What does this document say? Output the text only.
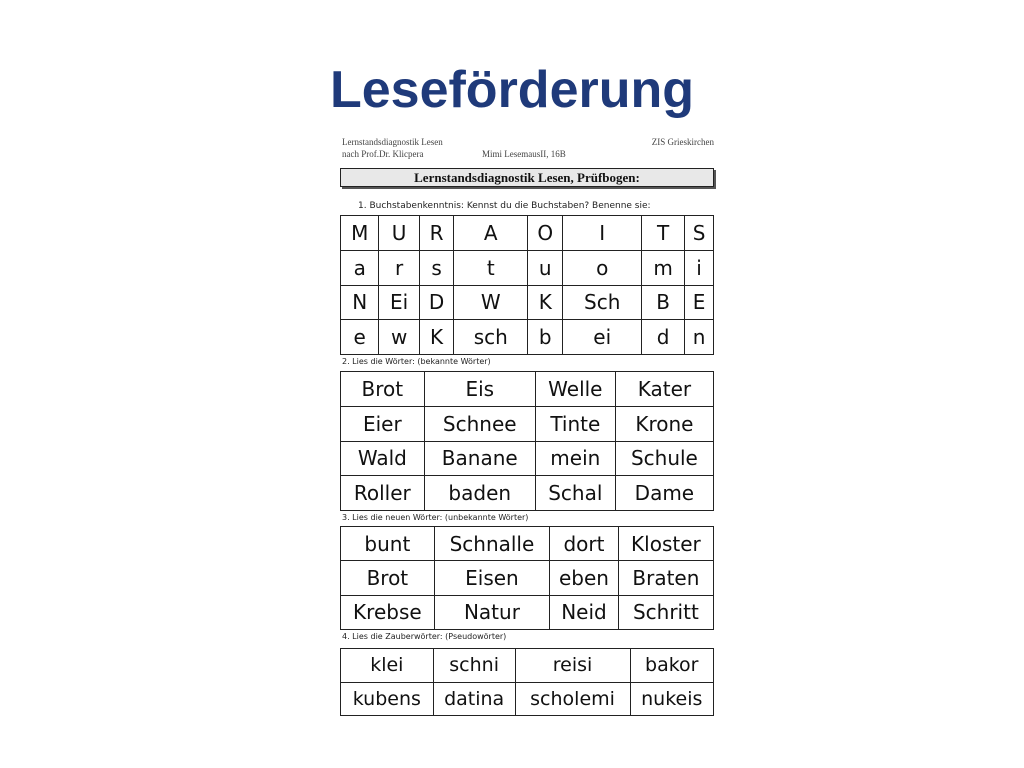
Leseförderung
Lernstandsdiagnostik Lesen
nach Prof.Dr. Klicpera	Mimi LesemausII, 16B
ZIS Grieskirchen
Lernstandsdiagnostik Lesen, Prüfbogen:
1. Buchstabenkenntnis: Kennst du die Buchstaben? Benenne sie:
M	U	R	A	O	I	T	S
a	r	s	t	u	o	m	i
N	Ei	D	W	K	Sch	B	E
e	w	K	sch	b	ei	d	n
2. Lies die Wörter: (bekannte Wörter)
Brot	Eis	Welle	Kater
Eier	Schnee	Tinte	Krone
Wald	Banane	mein	Schule
Roller	baden	Schal	Dame
3. Lies die neuen Wörter: (unbekannte Wörter)
bunt	Schnalle	dort	Kloster
Brot	Eisen	eben	Braten
Krebse	Natur	Neid	Schritt
4. Lies die Zauberwörter: (Pseudowörter)
klei	schni	reisi	bakor
kubens	datina	scholemi	nukeis
